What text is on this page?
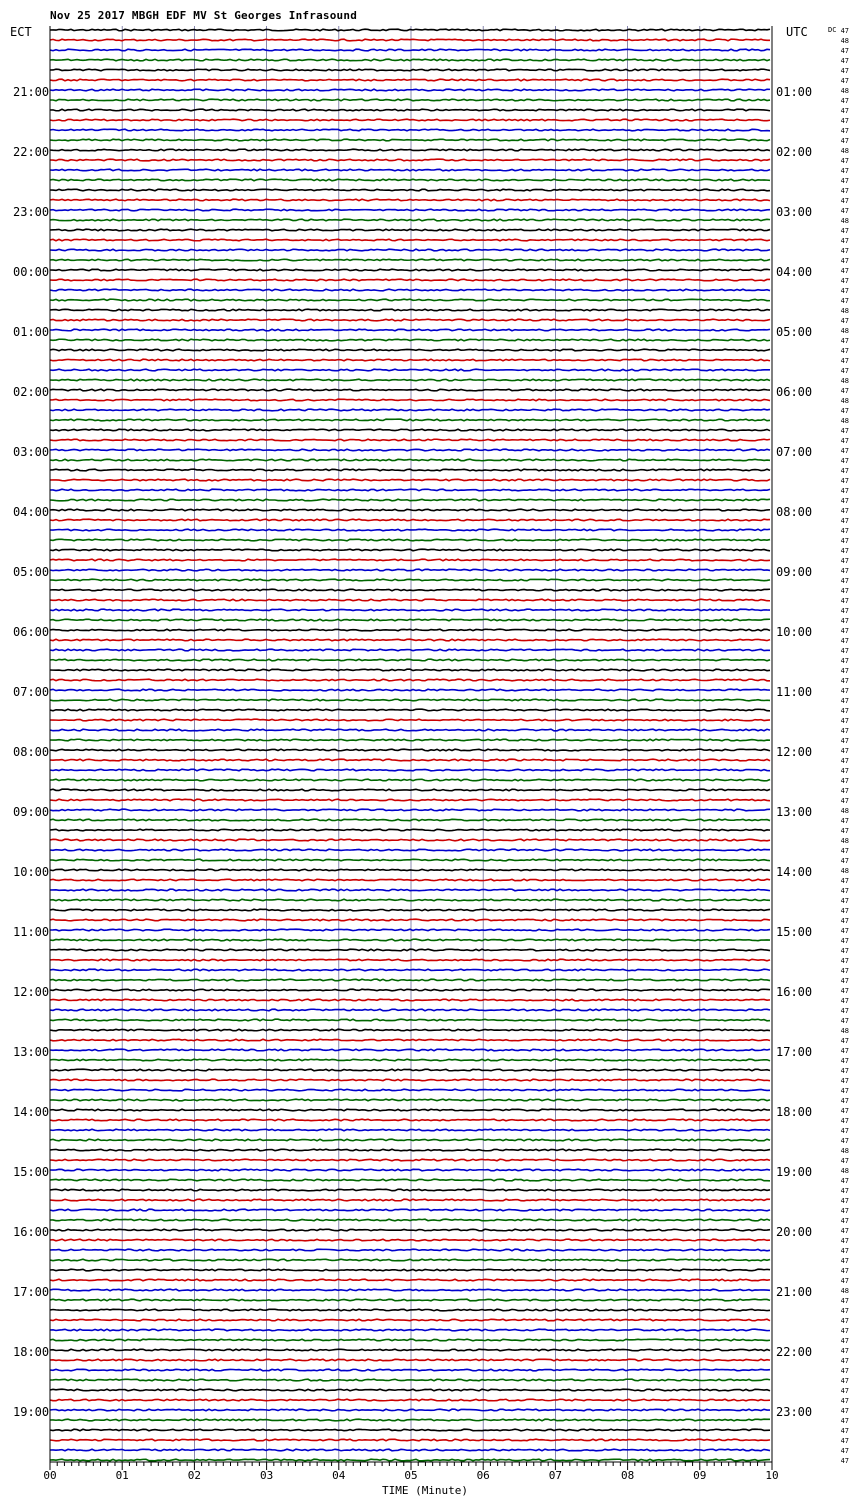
Nov 25 2017 MBGH EDF MV St Georges Infrasound
47
48
47
47
47
47
48
47
47
47
47
47
48
47
47
47
47
47
47
48
47
47
47
47
47
47
47
47
48
47
48
47
47
47
47
48
47
48
47
48
47
47
47
47
47
47
47
47
47
47
47
47
47
47
47
47
47
47
47
47
47
47
47
47
47
47
47
47
47
47
47
47
47
47
47
47
47
47
48
47
47
48
47
47
48
47
47
47
47
47
47
47
47
47
47
47
47
47
47
47
48
47
47
47
47
47
47
47
47
47
47
47
48
47
48
47
47
47
47
47
47
47
47
47
47
47
48
47
47
47
47
47
47
47
47
47
47
47
47
47
47
47
47
47
ECT	UTC	DC
21:00
22:00
23:00
00:00
01:00
02:00
03:00
04:00
05:00
06:00
07:00
08:00
09:00
10:00
11:00
12:00
13:00
14:00
15:00
16:00
17:00
18:00
19:00
01:00
02:00
03:00
04:00
05:00
06:00
07:00
08:00
09:00
10:00
11:00
12:00
13:00
14:00
15:00
16:00
17:00
18:00
19:00
20:00
21:00
22:00
23:00
00	01	02	03	04	05	06	07	08	09	10
TIME (Minute)
